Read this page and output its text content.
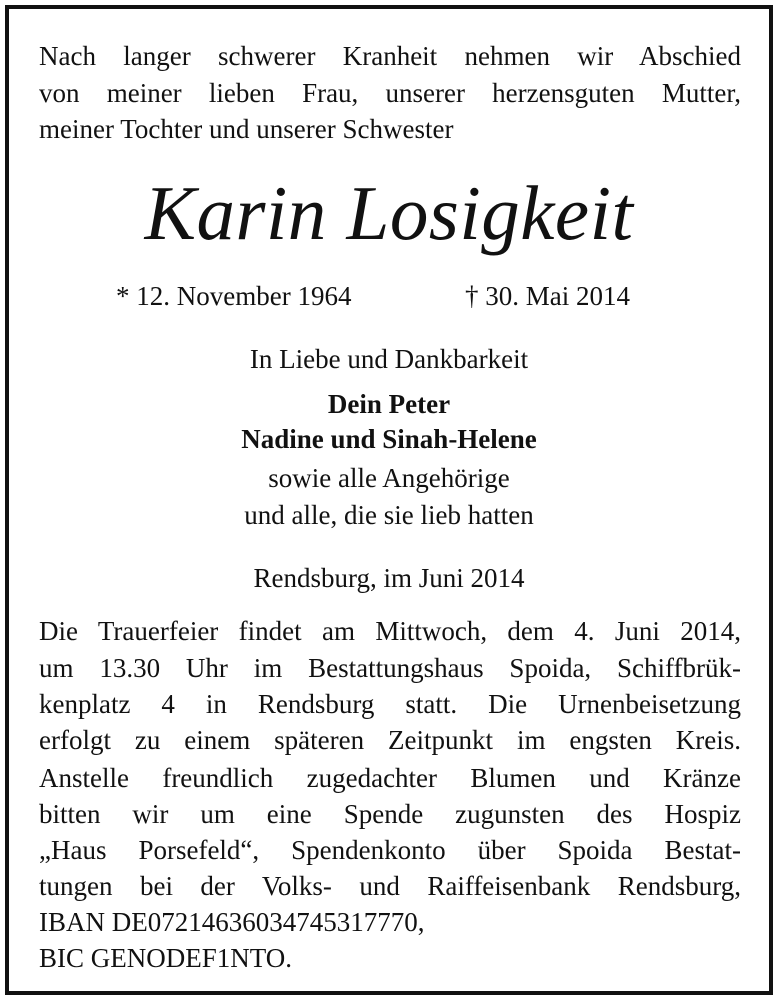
Nach langer schwerer Kranheit nehmen wir Abschied
von meiner lieben Frau, unserer herzensguten Mutter,
meiner Tochter und unserer Schwester
Karin Losigkeit
* 12. November 1964	† 30. Mai 2014
In Liebe und Dankbarkeit
Dein Peter
Nadine und Sinah-Helene
sowie alle Angehörige
und alle, die sie lieb hatten
Rendsburg, im Juni 2014
Die Trauerfeier findet am Mittwoch, dem 4. Juni 2014,
um 13.30 Uhr im Bestattungshaus Spoida, Schiffbrük-
kenplatz 4 in Rendsburg statt. Die Urnenbeisetzung
erfolgt zu einem späteren Zeitpunkt im engsten Kreis.
Anstelle freundlich zugedachter Blumen und Kränze
bitten wir um eine Spende zugunsten des Hospiz
„Haus Porsefeld“, Spendenkonto über Spoida Bestat-
tungen bei der Volks- und Raiffeisenbank Rendsburg,
IBAN DE07214636034745317770,
BIC GENODEF1NTO.
